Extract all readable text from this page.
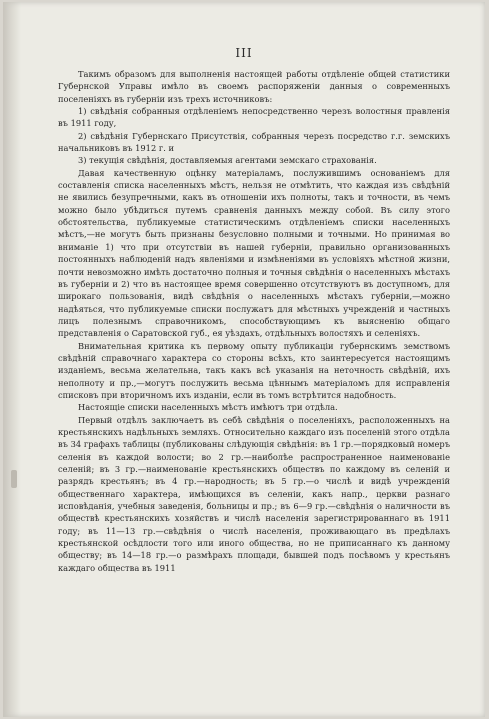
III

Такимъ образомъ для выполненія настоящей работы отдѣленіе общей статистики Губернской Управы имѣло въ своемъ распоряженіи данныя о современныхъ поселеніяхъ въ губерніи изъ трехъ источниковъ:

1) свѣдѣнія собранныя отдѣленіемъ непосредственно черезъ волостныя правленія въ 1911 году,

2) свѣдѣнія Губернскаго Присутствія, собранныя черезъ посредство г.г. земскихъ начальниковъ въ 1912 г. и

3) текущія свѣдѣнія, доставляемыя агентами земскаго страхованія.

Давая качественную оцѣнку матеріаламъ, послужившимъ основаніемъ для составленія списка населенныхъ мѣстъ, нельзя не отмѣтить, что каждая изъ свѣдѣній не явились безупречными, какъ въ отношеніи ихъ полноты, такъ и точности, въ чемъ можно было убѣдиться путемъ сравненія данныхъ между собой. Въ силу этого обстоятельства, публикуемые статистическимъ отдѣленіемъ списки населенныхъ мѣстъ,—не могутъ быть признаны безусловно полными и точными. Но принимая во вниманіе 1) что при отсутствіи въ нашей губерніи, правильно организованныхъ постоянныхъ наблюденій надъ явленіями и измѣненіями въ условіяхъ мѣстной жизни, почти невозможно имѣть достаточно полныя и точныя свѣдѣнія о населенныхъ мѣстахъ въ губерніи и 2) что въ настоящее время совершенно отсутствуютъ въ доступномъ, для широкаго пользованія, видѣ свѣдѣнія о населенныхъ мѣстахъ губерніи,—можно надѣяться, что публикуемые списки послужатъ для мѣстныхъ учрежденій и частныхъ лицъ полезнымъ справочникомъ, способствующимъ къ выясненію общаго представленія о Саратовской губ., ея уѣздахъ, отдѣльныхъ волостяхъ и селеніяхъ.

Внимательная критика къ первому опыту публикаціи губернскимъ земствомъ свѣдѣній справочнаго характера со стороны всѣхъ, кто заинтересуется настоящимъ изданіемъ, весьма желательна, такъ какъ всѣ указанія на неточность свѣдѣній, ихъ неполноту и пр.,—могутъ послужить весьма цѣннымъ матеріаломъ для исправленія списковъ при вторичномъ ихъ изданіи, если въ томъ встрѣтится надобность.

Настоящіе списки населенныхъ мѣстъ имѣютъ три отдѣла.

Первый отдѣлъ заключаетъ въ себѣ свѣдѣнія о поселеніяхъ, расположенныхъ на крестьянскихъ надѣльныхъ земляхъ. Относительно каждаго изъ поселеній этого отдѣла въ 34 графахъ таблицы (публикованы слѣдующія свѣдѣнія: въ 1 гр.—порядковый номеръ селенія въ каждой волости; во 2 гр.—наиболѣе распространенное наименованіе селеній; въ 3 гр.—наименованіе крестьянскихъ обществъ по каждому въ селеній и разрядъ крестьянъ; въ 4 гр.—народность; въ 5 гр.—о числѣ и видѣ учрежденій общественнаго характера, имѣющихся въ селеніи, какъ напр., церкви разнаго исповѣданія, учебныя заведенія, больницы и пр.; въ 6—9 гр.—свѣдѣнія о наличности въ обществѣ крестьянскихъ хозяйствъ и числѣ населенія зарегистрированнаго въ 1911 году; въ 11—13 гр.—свѣдѣнія о числѣ населенія, проживающаго въ предѣлахъ крестьянской осѣдлости того или иного общества, но не приписаннаго къ данному обществу; въ 14—18 гр.—о размѣрахъ площади, бывшей подъ посѣвомъ у крестьянъ каждаго общества въ 1911
